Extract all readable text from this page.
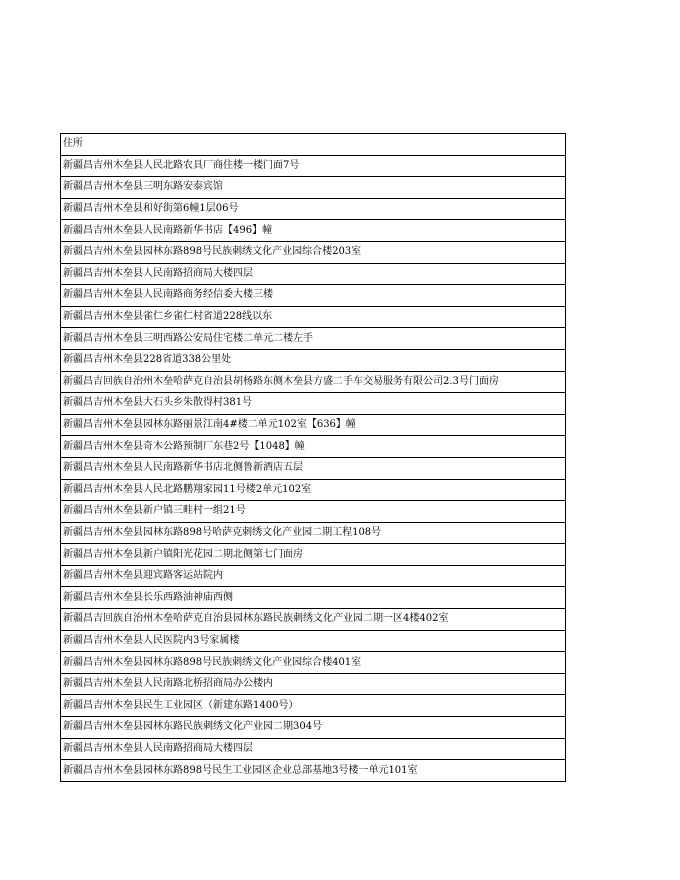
住所
新疆昌吉州木垒县人民北路农具厂商住楼一楼门面7号
新疆昌吉州木垒县三明东路安泰宾馆
新疆昌吉州木垒县和好街第6幢1层06号
新疆昌吉州木垒县人民南路新华书店【496】幢
新疆昌吉州木垒县园林东路898号民族刺绣文化产业园综合楼203室
新疆昌吉州木垒县人民南路招商局大楼四层
新疆昌吉州木垒县人民南路商务经信委大楼三楼
新疆昌吉州木垒县雀仁乡雀仁村省道228线以东
新疆昌吉州木垒县三明西路公安局住宅楼二单元二楼左手
新疆昌吉州木垒县228省道338公里处
新疆昌吉回族自治州木垒哈萨克自治县胡杨路东侧木垒县方盛二手车交易服务有限公司2.3号门面房
新疆昌吉州木垒县大石头乡朱散得村381号
新疆昌吉州木垒县园林东路丽景江南4#楼二单元102室【636】幢
新疆昌吉州木垒县奇木公路预制厂东巷2号【1048】幢
新疆昌吉州木垒县人民南路新华书店北侧鲁新酒店五层
新疆昌吉州木垒县人民北路鹏翔家园11号楼2单元102室
新疆昌吉州木垒县新户镇三畦村一组21号
新疆昌吉州木垒县园林东路898号哈萨克刺绣文化产业园二期工程108号
新疆昌吉州木垒县新户镇阳光花园二期北侧第七门面房
新疆昌吉州木垒县迎宾路客运站院内
新疆昌吉州木垒县长乐西路油神庙西侧
新疆昌吉回族自治州木垒哈萨克自治县园林东路民族刺绣文化产业园二期一区4楼402室
新疆昌吉州木垒县人民医院内3号家属楼
新疆昌吉州木垒县园林东路898号民族刺绣文化产业园综合楼401室
新疆昌吉州木垒县人民南路北桥招商局办公楼内
新疆昌吉州木垒县民生工业园区（新建东路1400号）
新疆昌吉州木垒县园林东路民族刺绣文化产业园二期304号
新疆昌吉州木垒县人民南路招商局大楼四层
新疆昌吉州木垒县园林东路898号民生工业园区企业总部基地3号楼一单元101室
